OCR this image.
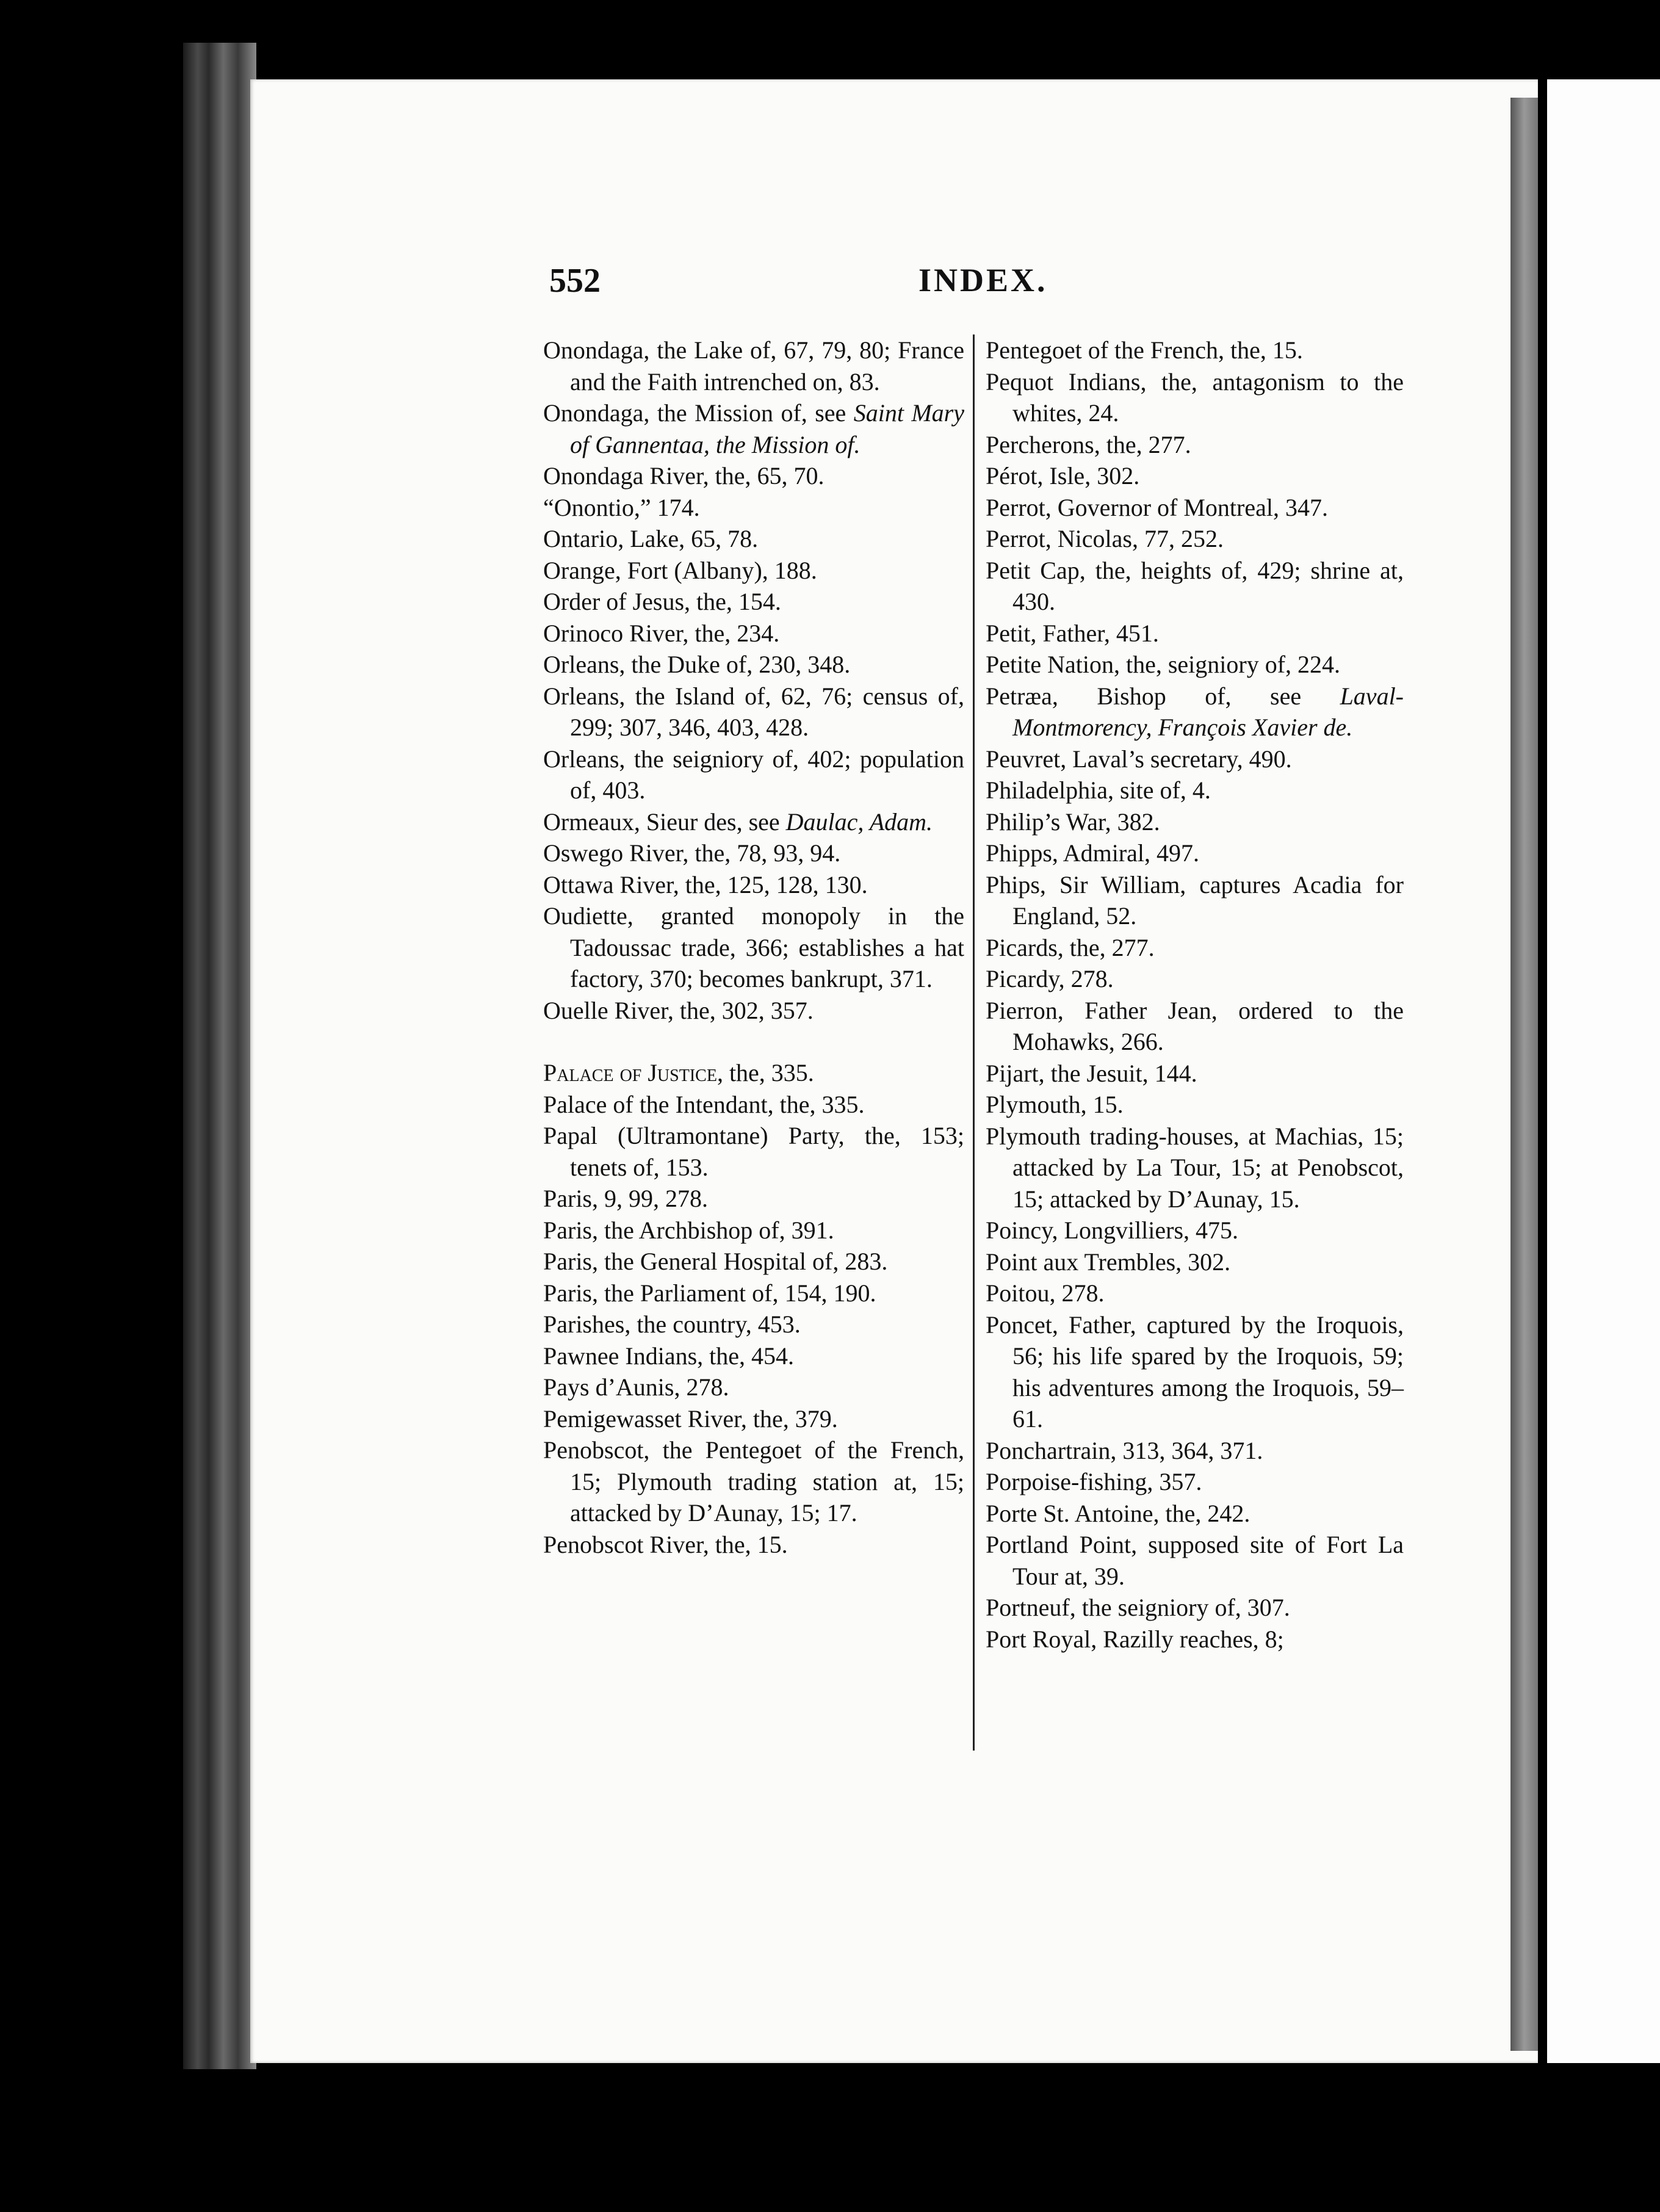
552	INDEX.

Onondaga, the Lake of, 67, 79, 80; France and the Faith intrenched on, 83.

Onondaga, the Mission of, see Saint Mary of Gannentaa, the Mission of.

Onondaga River, the, 65, 70.

“Onontio,” 174.

Ontario, Lake, 65, 78.

Orange, Fort (Albany), 188.

Order of Jesus, the, 154.

Orinoco River, the, 234.

Orleans, the Duke of, 230, 348.

Orleans, the Island of, 62, 76; census of, 299; 307, 346, 403, 428.

Orleans, the seigniory of, 402; population of, 403.

Ormeaux, Sieur des, see Daulac, Adam.

Oswego River, the, 78, 93, 94.

Ottawa River, the, 125, 128, 130.

Oudiette, granted monopoly in the Tadoussac trade, 366; establishes a hat factory, 370; becomes bankrupt, 371.

Ouelle River, the, 302, 357.

Palace of Justice, the, 335.

Palace of the Intendant, the, 335.

Papal (Ultramontane) Party, the, 153; tenets of, 153.

Paris, 9, 99, 278.

Paris, the Archbishop of, 391.

Paris, the General Hospital of, 283.

Paris, the Parliament of, 154, 190.

Parishes, the country, 453.

Pawnee Indians, the, 454.

Pays d’Aunis, 278.

Pemigewasset River, the, 379.

Penobscot, the Pentegoet of the French, 15; Plymouth trading station at, 15; attacked by D’Aunay, 15; 17.

Penobscot River, the, 15.

Pentegoet of the French, the, 15.

Pequot Indians, the, antagonism to the whites, 24.

Percherons, the, 277.

Pérot, Isle, 302.

Perrot, Governor of Montreal, 347.

Perrot, Nicolas, 77, 252.

Petit Cap, the, heights of, 429; shrine at, 430.

Petit, Father, 451.

Petite Nation, the, seigniory of, 224.

Petræa, Bishop of, see Laval-Montmorency, François Xavier de.

Peuvret, Laval’s secretary, 490.

Philadelphia, site of, 4.

Philip’s War, 382.

Phipps, Admiral, 497.

Phips, Sir William, captures Acadia for England, 52.

Picards, the, 277.

Picardy, 278.

Pierron, Father Jean, ordered to the Mohawks, 266.

Pijart, the Jesuit, 144.

Plymouth, 15.

Plymouth trading-houses, at Machias, 15; attacked by La Tour, 15; at Penobscot, 15; attacked by D’Aunay, 15.

Poincy, Longvilliers, 475.

Point aux Trembles, 302.

Poitou, 278.

Poncet, Father, captured by the Iroquois, 56; his life spared by the Iroquois, 59; his adventures among the Iroquois, 59–61.

Ponchartrain, 313, 364, 371.

Porpoise-fishing, 357.

Porte St. Antoine, the, 242.

Portland Point, supposed site of Fort La Tour at, 39.

Portneuf, the seigniory of, 307.

Port Royal, Razilly reaches, 8;
